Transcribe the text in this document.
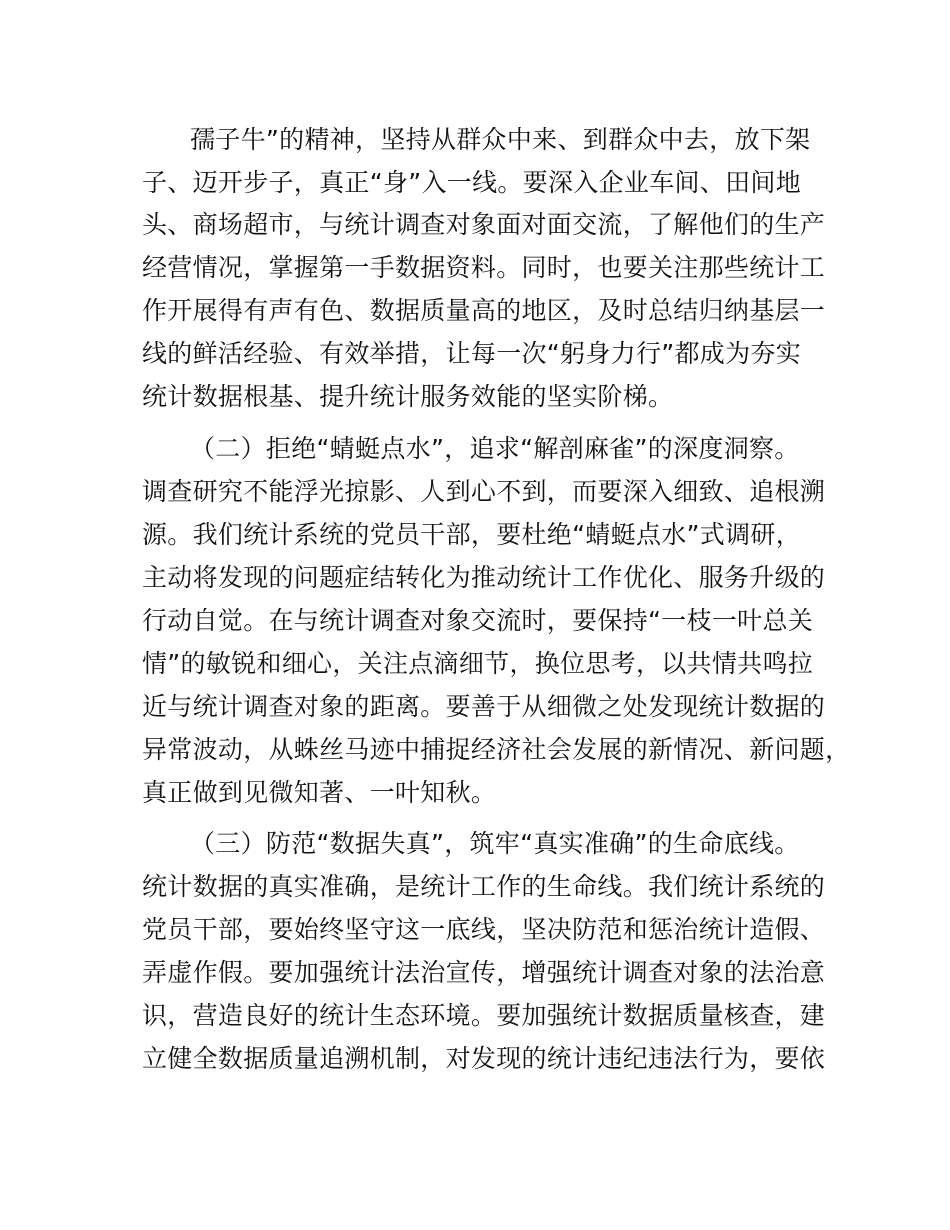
孺子牛”的精神，坚持从群众中来、到群众中去，放下架
子、迈开步子，真正“身”入一线。要深入企业车间、田间地
头、商场超市，与统计调查对象面对面交流，了解他们的生产
经营情况，掌握第一手数据资料。同时，也要关注那些统计工
作开展得有声有色、数据质量高的地区，及时总结归纳基层一
线的鲜活经验、有效举措，让每一次“躬身力行”都成为夯实
统计数据根基、提升统计服务效能的坚实阶梯。
（二）拒绝“蜻蜓点水”，追求“解剖麻雀”的深度洞察。
调查研究不能浮光掠影、人到心不到，而要深入细致、追根溯
源。我们统计系统的党员干部，要杜绝“蜻蜓点水”式调研，
主动将发现的问题症结转化为推动统计工作优化、服务升级的
行动自觉。在与统计调查对象交流时，要保持“一枝一叶总关
情”的敏锐和细心，关注点滴细节，换位思考，以共情共鸣拉
近与统计调查对象的距离。要善于从细微之处发现统计数据的
异常波动，从蛛丝马迹中捕捉经济社会发展的新情况、新问题，
真正做到见微知著、一叶知秋。
（三）防范“数据失真”，筑牢“真实准确”的生命底线。
统计数据的真实准确，是统计工作的生命线。我们统计系统的
党员干部，要始终坚守这一底线，坚决防范和惩治统计造假、
弄虚作假。要加强统计法治宣传，增强统计调查对象的法治意
识，营造良好的统计生态环境。要加强统计数据质量核查，建
立健全数据质量追溯机制，对发现的统计违纪违法行为，要依
